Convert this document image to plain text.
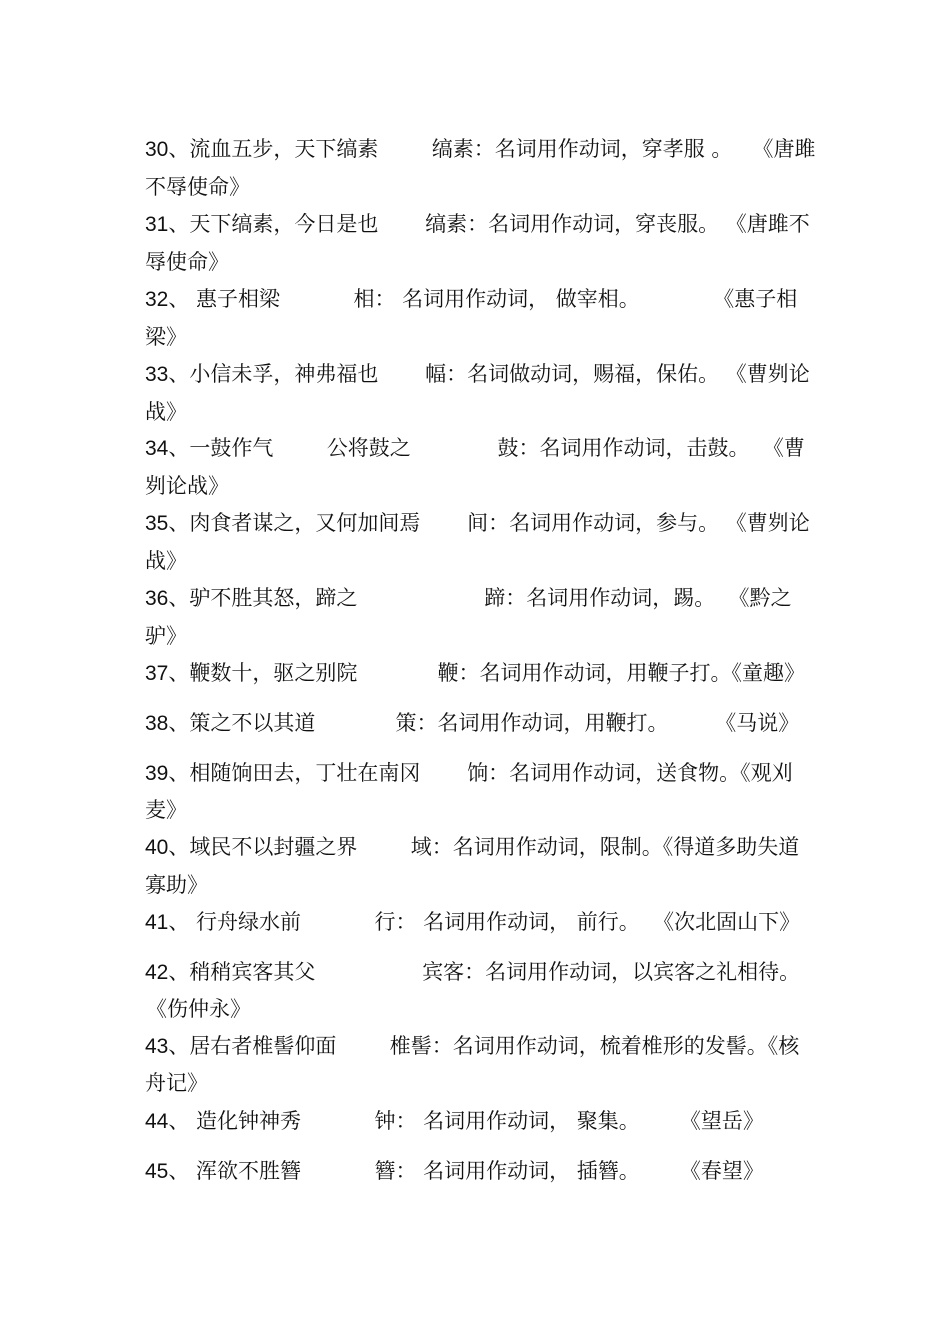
30、流血五步，天下缟素        缟素：名词用作动词，穿孝服 。   《唐雎
不辱使命》
31、天下缟素，今日是也       缟素：名词用作动词，穿丧服。 《唐雎不
辱使命》
32、 惠子相梁           相： 名词用作动词， 做宰相。           《惠子相
梁》
33、小信未孚，神弗福也       幅：名词做动词，赐福，保佑。 《曹刿论
战》
34、一鼓作气        公将鼓之             鼓：名词用作动词，击鼓。  《曹
刿论战》
35、肉食者谋之，又何加间焉       间：名词用作动词，参与。 《曹刿论
战》
36、驴不胜其怒，蹄之                   蹄：名词用作动词，踢。  《黔之
驴》
37、鞭数十，驱之别院            鞭：名词用作动词，用鞭子打。《童趣》
38、策之不以其道            策：名词用作动词，用鞭打。       《马说》
39、相随饷田去，丁壮在南冈       饷：名词用作动词，送食物。《观刈
麦》
40、域民不以封疆之界        域：名词用作动词，限制。《得道多助失道
寡助》
41、 行舟绿水前           行： 名词用作动词， 前行。  《次北固山下》
42、稍稍宾客其父                宾客：名词用作动词，以宾客之礼相待。
《伤仲永》
43、居右者椎髻仰面        椎髻：名词用作动词，梳着椎形的发髻。《核
舟记》
44、 造化钟神秀           钟： 名词用作动词， 聚集。      《望岳》
45、 浑欲不胜簪           簪： 名词用作动词， 插簪。      《春望》
